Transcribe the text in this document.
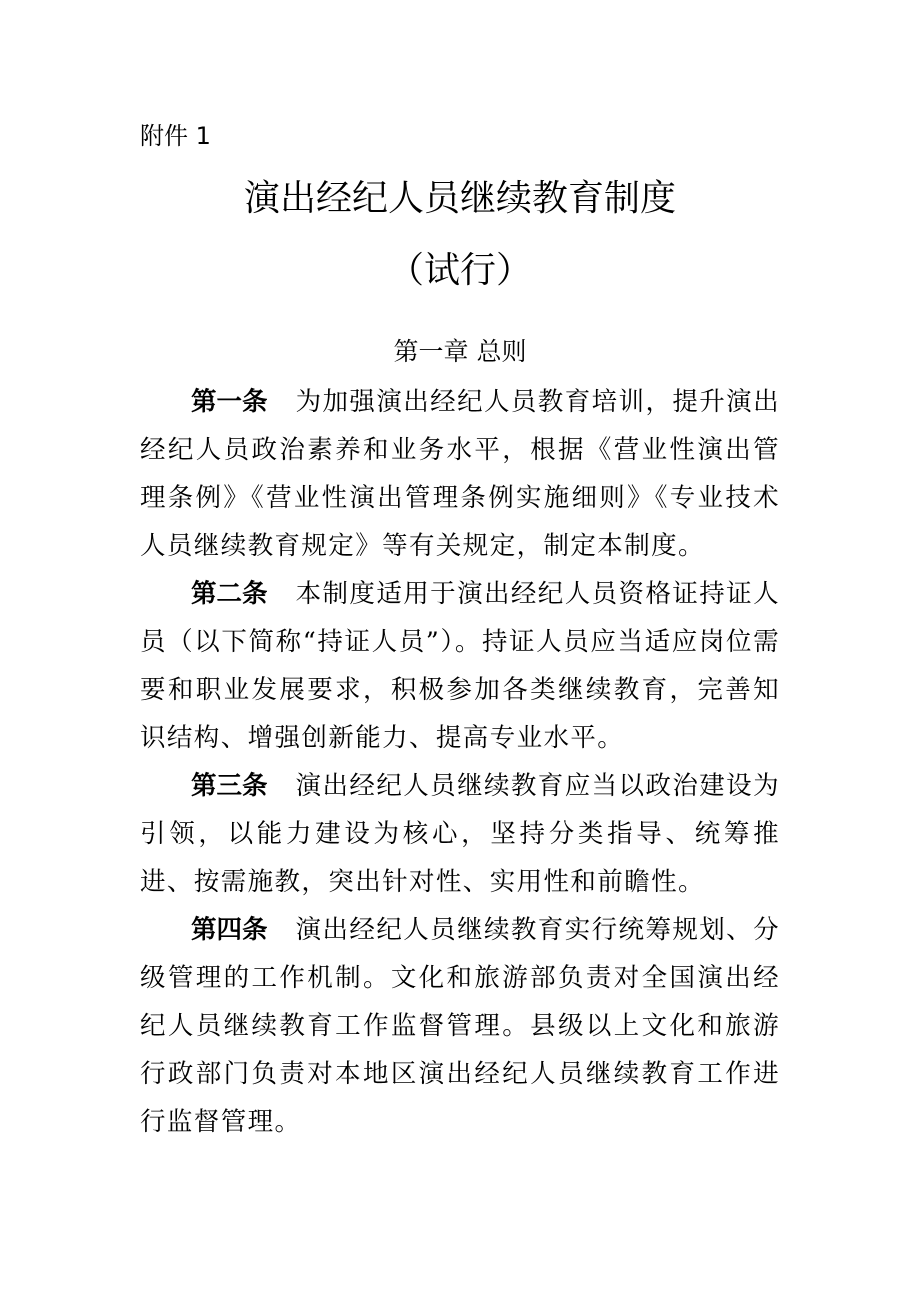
附件 1
演出经纪人员继续教育制度
（试行）
第一章 总则

第一条 为加强演出经纪人员教育培训，提升演出经纪人员政治素养和业务水平，根据《营业性演出管理条例》《营业性演出管理条例实施细则》《专业技术人员继续教育规定》等有关规定，制定本制度。

第二条 本制度适用于演出经纪人员资格证持证人员（以下简称“持证人员”）。持证人员应当适应岗位需要和职业发展要求，积极参加各类继续教育，完善知识结构、增强创新能力、提高专业水平。

第三条 演出经纪人员继续教育应当以政治建设为引领，以能力建设为核心，坚持分类指导、统筹推进、按需施教，突出针对性、实用性和前瞻性。

第四条 演出经纪人员继续教育实行统筹规划、分级管理的工作机制。文化和旅游部负责对全国演出经纪人员继续教育工作监督管理。县级以上文化和旅游行政部门负责对本地区演出经纪人员继续教育工作进行监督管理。
